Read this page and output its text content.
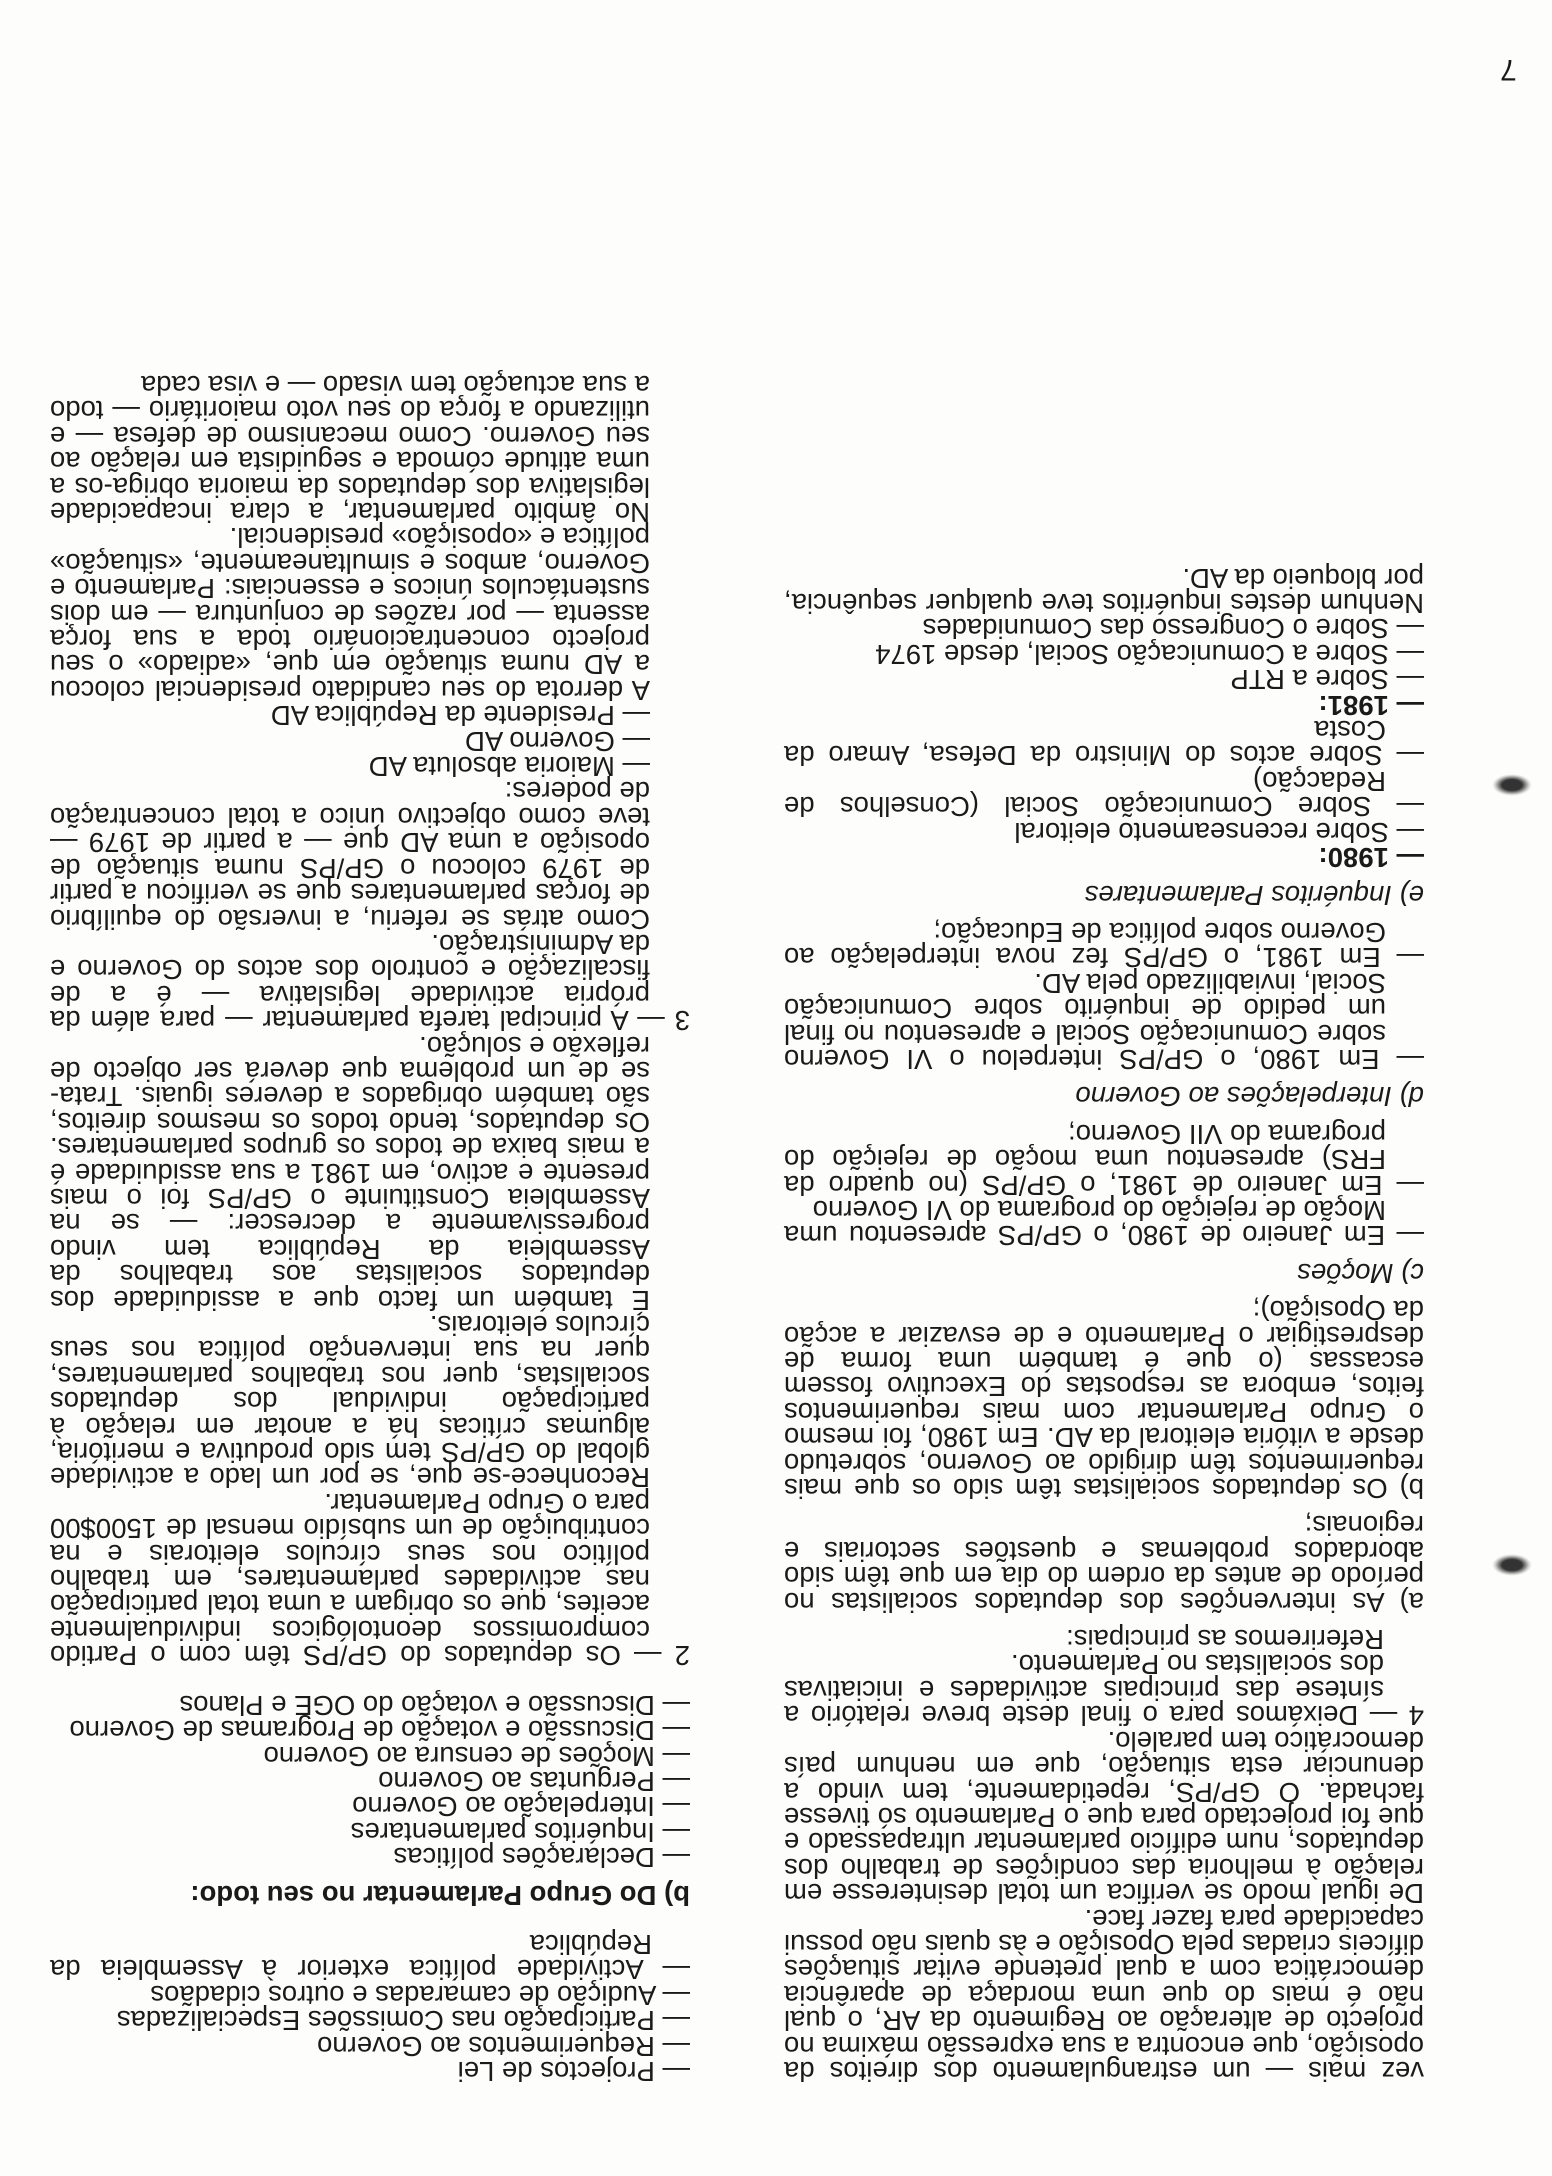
vez mais — um estrangulamento dos direitos da oposição, que encontra a sua expressão máxima no projecto de alteração ao Regimento da AR, o qual não é mais do que uma mordaça de aparência democrática com a qual pretende evitar situações difíceis criadas pela Oposição e às quais não possui capacidade para fazer face.

De igual modo se verifica um total desinteresse em relação à melhoria das condições de trabalho dos deputados, num edifício parlamentar ultrapassado e que foi projectado para que o Parlamento só tivesse fachada. O GP/PS, repetidamente, tem vindo a denunciar esta situação, que em nenhum país democrático tem paralelo.

4 — Deixámos para o final deste breve relatório a síntese das principais actividades e iniciativas dos socialistas no Parlamento.

Referiremos as principais:

a) As intervenções dos deputados socialistas no período de antes da ordem do dia em que têm sido abordados problemas e questões sectoriais e regionais;

b) Os deputados socialistas têm sido os que mais requerimentos têm dirigido ao Governo, sobretudo desde a vitória eleitoral da AD. Em 1980, foi mesmo o Grupo Parlamentar com mais requerimentos feitos, embora as respostas do Executivo fossem escassas (o que é também uma forma de desprestigiar o Parlamento e de esvaziar a acção da Oposição);

c) Moções

— Em Janeiro de 1980, o GP/PS apresentou uma Moção de rejeição do programa do VI Governo

— Em Janeiro de 1981, o GP/PS (no quadro da FRS) apresentou uma moção de rejeição do programa do VII Governo;

d) Interpelações ao Governo

— Em 1980, o GP/PS interpelou o VI Governo sobre Comunicação Social e apresentou no final um pedido de inquérito sobre Comunicação Social, inviabilizado pela AD.

— Em 1981, o GP/PS fez nova interpelação ao Governo sobre política de Educação;

e) Inquéritos Parlamentares

— 1980:

— Sobre recenseamento eleitoral

— Sobre Comunicação Social (Conselhos de Redacção)

— Sobre actos do Ministro da Defesa, Amaro da Costa

— 1981:

— Sobre a RTP

— Sobre a Comunicação Social, desde 1974

— Sobre o Congresso das Comunidades

Nenhum destes inquéritos teve qualquer sequência, por bloqueio da AD.

— Projectos de Lei

— Requerimentos ao Governo

— Participação nas Comissões Especializadas

— Audição de camaradas e outros cidadãos

— Actividade política exterior à Assembleia da República

b) Do Grupo Parlamentar no seu todo:

— Declarações políticas

— Inquéritos parlamentares

— Interpelação ao Governo

— Perguntas ao Governo

— Moções de censura ao Governo

— Discussão e votação de Programas de Governo

— Discussão e votação do OGE e Planos

2 — Os deputados do GP/PS têm com o Partido compromissos deontológicos individualmente aceites, que os obrigam a uma total participação nas actividades parlamentares, em trabalho político nos seus círculos eleitorais e na contribuição de um subsídio mensal de 1500$00 para o Grupo Parlamentar.

Reconhece-se que, se por um lado a actividade global do GP/PS tem sido produtiva e meritória, algumas críticas há a anotar em relação à participação individual dos deputados socialistas, quer nos trabalhos parlamentares, quer na sua intervenção política nos seus círculos eleitorais.

É também um facto que a assiduidade dos deputados socialistas aos trabalhos da Assembleia da República tem vindo progressivamente a decrescer: — se na Assembleia Constituinte o GP/PS foi o mais presente e activo, em 1981 a sua assiduidade é a mais baixa de todos os grupos parlamentares. Os deputados, tendo todos os mesmos direitos, são também obrigados a deveres iguais. Trata-se de um problema que deverá ser objecto de reflexão e solução.

3 — A principal tarefa parlamentar — para além da própria actividade legislativa — é a de fiscalização e controlo dos actos do Governo e da Administração.

Como atrás se referiu, a inversão do equilíbrio de forças parlamentares que se verificou a partir de 1979 colocou o GP/PS numa situação de oposição a uma AD que — a partir de 1979 — teve como objectivo único a total concentração de poderes:

— Maioria absoluta AD

— Governo AD

— Presidente da República AD

A derrota do seu candidato presidencial colocou a AD numa situação em que, «adiado» o seu projecto concentracionário toda a sua força assenta — por razões de conjuntura — em dois sustentáculos únicos e essenciais: Parlamento e Governo, ambos e simultaneamente, «situação» política e «oposição» presidencial.

No âmbito parlamentar, a clara incapacidade legislativa dos deputados da maioria obriga-os a uma atitude cómoda e seguidista em relação ao seu Governo. Como mecanismo de defesa — e utilizando a força do seu voto maioritário — todo a sua actuação tem visado — e visa cada

7
